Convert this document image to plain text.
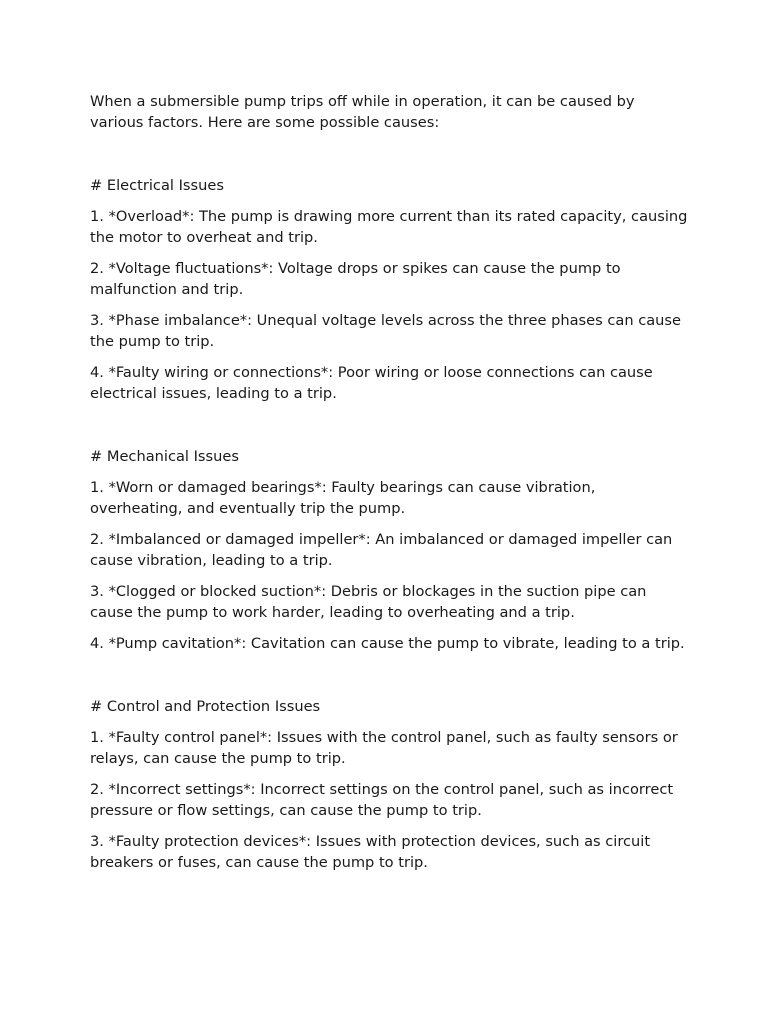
When a submersible pump trips off while in operation, it can be caused by various factors. Here are some possible causes:

# Electrical Issues

1. *Overload*: The pump is drawing more current than its rated capacity, causing the motor to overheat and trip.

2. *Voltage fluctuations*: Voltage drops or spikes can cause the pump to malfunction and trip.

3. *Phase imbalance*: Unequal voltage levels across the three phases can cause the pump to trip.

4. *Faulty wiring or connections*: Poor wiring or loose connections can cause electrical issues, leading to a trip.

# Mechanical Issues

1. *Worn or damaged bearings*: Faulty bearings can cause vibration, overheating, and eventually trip the pump.

2. *Imbalanced or damaged impeller*: An imbalanced or damaged impeller can cause vibration, leading to a trip.

3. *Clogged or blocked suction*: Debris or blockages in the suction pipe can cause the pump to work harder, leading to overheating and a trip.

4. *Pump cavitation*: Cavitation can cause the pump to vibrate, leading to a trip.

# Control and Protection Issues

1. *Faulty control panel*: Issues with the control panel, such as faulty sensors or relays, can cause the pump to trip.

2. *Incorrect settings*: Incorrect settings on the control panel, such as incorrect pressure or flow settings, can cause the pump to trip.

3. *Faulty protection devices*: Issues with protection devices, such as circuit breakers or fuses, can cause the pump to trip.
